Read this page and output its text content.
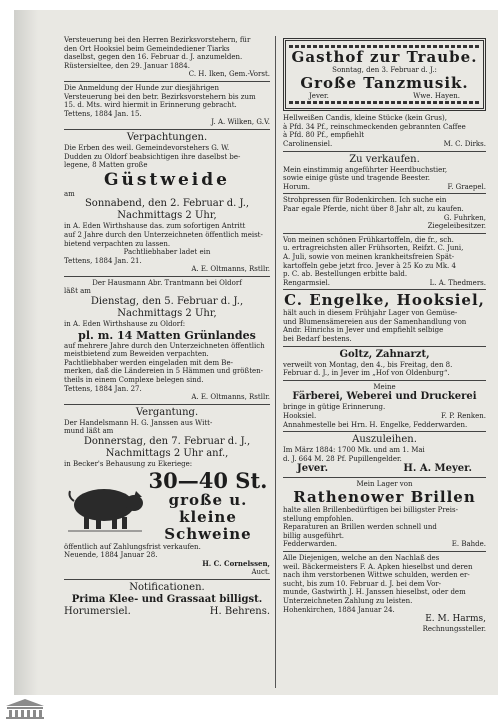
Versteuerung bei den Herren Bezirksvorstehern, für
den Ort Hooksiel beim Gemeindediener Tiarks
daselbst, gegen den 16. Februar d. J. anzumelden.
Rüstersieltee, den 29. Januar 1884.
C. H. Iken, Gem.-Vorst.
Die Anmeldung der Hunde zur diesjährigen
Versteuerung bei den betr. Bezirksvorstehern bis zum
15. d. Mts. wird hiermit in Erinnerung gebracht.
Tettens, 1884 Jan. 15.
J. A. Wilken, G.V.
Verpachtungen.
Die Erben des weil. Gemeindevorstehers G. W.
Dudden zu Oldorf beabsichtigen ihre daselbst be-
legene, 8 Matten große
Güstweide
am
Sonnabend, den 2. Februar d. J.,
Nachmittags 2 Uhr,
in A. Eden Wirthshause das. zum sofortigen Antritt
auf 2 Jahre durch den Unterzeichneten öffentlich meist-
bietend verpachten zu lassen.
Pachtliebhaber ladet ein
Tettens, 1884 Jan. 21.
A. E. Oltmanns, Rstllr.
Der Hausmann Abr. Trantmann bei Oldorf
läßt am
Dienstag, den 5. Februar d. J.,
Nachmittags 2 Uhr,
in A. Eden Wirthshause zu Oldorf:
pl. m. 14 Matten Grünlandes
auf mehrere Jahre durch den Unterzeichneten öffentlich
meistbietend zum Beweiden verpachten.
Pachtliebhaber werden eingeladen mit dem Be-
merken, daß die Ländereien in 5 Hämmen und größten-
theils in einem Complexe belegen sind.
Tettens, 1884 Jan. 27.
A. E. Oltmanns, Rstllr.
Vergantung.
Der Handelsmann H. G. Janssen aus Witt-
mund läßt am
Donnerstag, den 7. Februar d. J.,
Nachmittags 2 Uhr anf.,
in Becker's Behausung zu Ekeriege:
30—40 St.
große u. kleine
Schweine
öffentlich auf Zahlungsfrist verkaufen.
Neuende, 1884 Januar 28.
H. C. Cornelssen,
Auct.
Notificationen.
Prima Klee- und Grassaat billigst.
Horumersiel.	H. Behrens.
Gasthof zur Traube.
Sonntag, den 3. Februar d. J.:
Große Tanzmusik.
Jever.	Wwe. Hayen.
Hellweißen Candis, kleine Stücke (kein Grus),
à Pfd. 34 Pf., reinschmeckenden gebrannten Caffee
à Pfd. 80 Pf., empfiehlt
Carolinensiel.	M. C. Dirks.
Zu verkaufen.
Mein einstimmig angeführter Heerdbuchstier,
sowie einige güste und tragende Beester.
Horum.	F. Graepel.
Strohpressen für Bodenkirchen. Ich suche ein
Paar egale Pferde, nicht über 8 Jahr alt, zu kaufen.
G. Fuhrken,
Ziegeleibesitzer.
Von meinen schönen Frühkartoffeln, die fr., sch.
u. ertragreichsten aller Frühsorten, Reifzt. C. Juni,
A. Juli, sowie von meinen krankheitsfreien Spät-
kartoffeln gebe jetzt frco. Jever à 25 Ko zu Mk. 4
p. C. ab. Bestellungen erbitte bald.
Rengarmsiel.	L. A. Thedmers.
C. Engelke, Hooksiel,
hält auch in diesem Frühjahr Lager von Gemüse-
und Blumensämereien aus der Samenhandlung von
Andr. Hinrichs in Jever und empfiehlt selbige
bei Bedarf bestens.
Goltz, Zahnarzt,
verweilt von Montag, den 4., bis Freitag, den 8.
Februar d. J., in Jever im „Hof von Oldenburg“.
Meine
Färberei, Weberei und Druckerei
bringe in gütige Erinnerung.
Hooksiel.	F. P. Renken.
Annahmestelle bei Hrn. H. Engelke, Fedderwarden.
Auszuleihen.
Im März 1884: 1700 Mk. und am 1. Mai
d. J. 664 M. 28 Pf. Pupillengelder.
Jever.	H. A. Meyer.
Mein Lager von
Rathenower Brillen
halte allen Brillenbedürftigen bei billigster Preis-
stellung empfohlen.
Reparaturen an Brillen werden schnell und
billig ausgeführt.
Fedderwarden.	E. Bahde.
Alle Diejenigen, welche an den Nachlaß des
weil. Bäckermeisters F. A. Apken hieselbst und deren
nach ihm verstorbenen Wittwe schulden, werden er-
sucht, bis zum 10. Februar d. J. bei dem Vor-
munde, Gastwirth J. H. Janssen hieselbst, oder dem
Unterzeichneten Zahlung zu leisten.
Hohenkirchen, 1884 Januar 24.
E. M. Harms,
Rechnungssteller.
